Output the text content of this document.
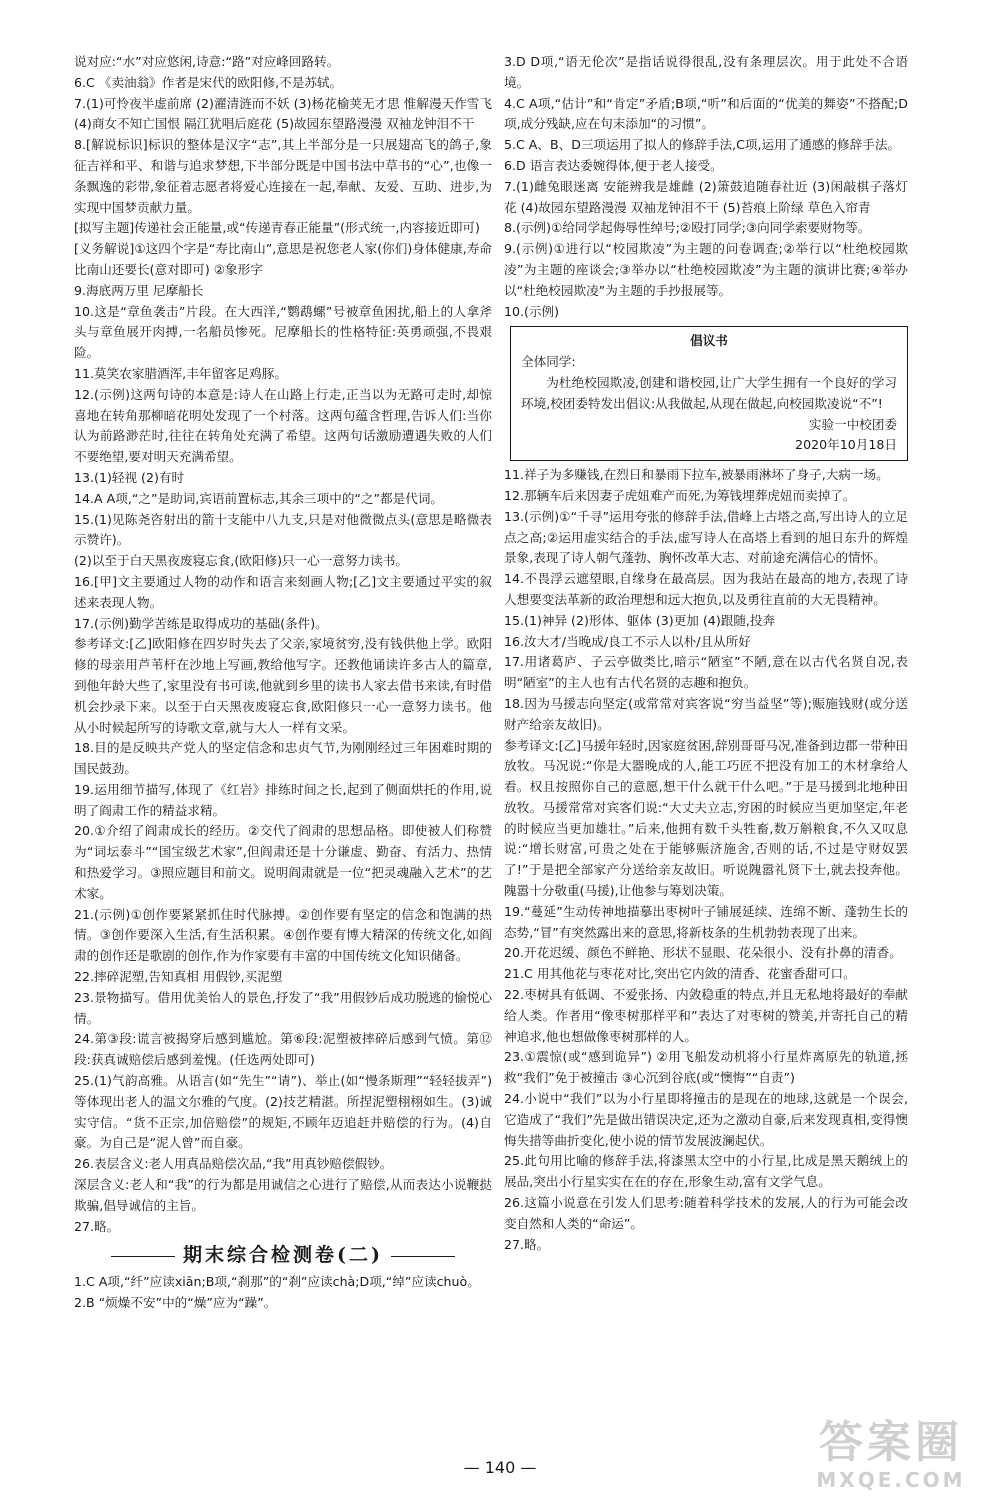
说对应:“水”对应悠闲,诗意:“路”对应峰回路转。

6.C 《卖油翁》作者是宋代的欧阳修,不是苏轼。

7.(1)可怜夜半虚前席 (2)濯清涟而不妖 (3)杨花榆荚无才思 惟解漫天作雪飞 (4)商女不知亡国恨 隔江犹唱后庭花 (5)故园东望路漫漫 双袖龙钟泪不干

8.[解说标识]标识的整体是汉字“志”,其上半部分是一只展翅高飞的鸽子,象征吉祥和平、和谐与追求梦想,下半部分既是中国书法中草书的“心”,也像一条飘逸的彩带,象征着志愿者将爱心连接在一起,奉献、友爱、互助、进步,为实现中国梦贡献力量。

[拟写主题]传递社会正能量,或“传递青春正能量”(形式统一,内容接近即可)

[义务解说]①这四个字是“寿比南山”,意思是祝您老人家(你们)身体健康,寿命比南山还要长(意对即可) ②象形字

9.海底两万里 尼摩船长

10.这是“章鱼袭击”片段。在大西洋,“鹦鹉螺”号被章鱼困扰,船上的人拿斧头与章鱼展开肉搏,一名船员惨死。尼摩船长的性格特征:英勇顽强,不畏艰险。

11.莫笑农家腊酒浑,丰年留客足鸡豚。

12.(示例)这两句诗的本意是:诗人在山路上行走,正当以为无路可走时,却惊喜地在转角那柳暗花明处发现了一个村落。这两句蕴含哲理,告诉人们:当你认为前路渺茫时,往往在转角处充满了希望。这两句话激励遭遇失败的人们不要绝望,要对明天充满希望。

13.(1)轻视 (2)有时

14.A A项,“之”是助词,宾语前置标志,其余三项中的“之”都是代词。

15.(1)见陈尧咨射出的箭十支能中八九支,只是对他微微点头(意思是略微表示赞许)。

(2)以至于白天黑夜废寝忘食,(欧阳修)只一心一意努力读书。

16.[甲]文主要通过人物的动作和语言来刻画人物;[乙]文主要通过平实的叙述来表现人物。

17.(示例)勤学苦练是取得成功的基础(条件)。

参考译文:[乙]欧阳修在四岁时失去了父亲,家境贫穷,没有钱供他上学。欧阳修的母亲用芦苇杆在沙地上写画,教给他写字。还教他诵读许多古人的篇章,到他年龄大些了,家里没有书可读,他就到乡里的读书人家去借书来读,有时借机会抄录下来。以至于白天黑夜废寝忘食,欧阳修只一心一意努力读书。他从小时候起所写的诗歌文章,就与大人一样有文采。

18.目的是反映共产党人的坚定信念和忠贞气节,为刚刚经过三年困难时期的国民鼓劲。

19.运用细节描写,体现了《红岩》排练时间之长,起到了侧面烘托的作用,说明了阎肃工作的精益求精。

20.①介绍了阎肃成长的经历。②交代了阎肃的思想品格。即使被人们称赞为“词坛泰斗”“国宝级艺术家”,但阎肃还是十分谦虚、勤奋、有活力、热情和热爱学习。③照应题目和前文。说明阎肃就是一位“把灵魂融入艺术”的艺术家。

21.(示例)①创作要紧紧抓住时代脉搏。②创作要有坚定的信念和饱满的热情。③创作要深入生活,有生活积累。④创作要有博大精深的传统文化,如阎肃的创作还是歌剧的创作,作为作家要有丰富的中国传统文化知识储备。

22.摔碎泥塑,告知真相 用假钞,买泥塑

23.景物描写。借用优美怡人的景色,抒发了“我”用假钞后成功脱逃的愉悦心情。

24.第③段:谎言被揭穿后感到尴尬。第⑥段:泥塑被摔碎后感到气愤。第⑫段:获真诚赔偿后感到羞愧。(任选两处即可)

25.(1)气韵高雅。从语言(如“先生”“请”)、举止(如“慢条斯理”“轻轻拔弄”)等体现出老人的温文尔雅的气度。(2)技艺精湛。所捏泥塑栩栩如生。(3)诚实守信。“货不正宗,加倍赔偿”的规矩,不顾年迈追赶并赔偿的行为。(4)自豪。为自己是“泥人曾”而自豪。

26.表层含义:老人用真品赔偿次品,“我”用真钞赔偿假钞。

深层含义:老人和“我”的行为都是用诚信之心进行了赔偿,从而表达小说鞭挞欺骗,倡导诚信的主旨。

27.略。

期末综合检测卷(二)

1.C A项,“纤”应读xiān;B项,“刹那”的“刹”应读chà;D项,“绰”应读chuò。

2.B “烦燥不安”中的“燥”应为“躁”。

3.D D项,“语无伦次”是指话说得很乱,没有条理层次。用于此处不合语境。

4.C A项,“估计”和“肯定”矛盾;B项,“听”和后面的“优美的舞姿”不搭配;D项,成分残缺,应在句末添加“的习惯”。

5.C A、B、D三项运用了拟人的修辞手法,C项,运用了通感的修辞手法。

6.D 语言表达委婉得体,便于老人接受。

7.(1)雌兔眼迷离 安能辨我是雄雌 (2)箫鼓追随春社近 (3)闲敲棋子落灯花 (4)故园东望路漫漫 双袖龙钟泪不干 (5)苔痕上阶绿 草色入帘青

8.(示例)①给同学起侮辱性绰号;②殴打同学;③向同学索要财物等。

9.(示例)①进行以“校园欺凌”为主题的问卷调查;②举行以“杜绝校园欺凌”为主题的座谈会;③举办以“杜绝校园欺凌”为主题的演讲比赛;④举办以“杜绝校园欺凌”为主题的手抄报展等。

10.(示例)

倡议书

全体同学:

为杜绝校园欺凌,创建和谐校园,让广大学生拥有一个良好的学习环境,校团委特发出倡议:从我做起,从现在做起,向校园欺凌说“不”!

实验一中校团委

2020年10月18日

11.祥子为多赚钱,在烈日和暴雨下拉车,被暴雨淋坏了身子,大病一场。

12.那辆车后来因妻子虎妞难产而死,为筹钱埋葬虎妞而卖掉了。

13.(示例)①“千寻”运用夸张的修辞手法,借峰上古塔之高,写出诗人的立足点之高;②运用虚实结合的手法,虚写诗人在高塔上看到的旭日东升的辉煌景象,表现了诗人朝气蓬勃、胸怀改革大志、对前途充满信心的情怀。

14.不畏浮云遮望眼,自缘身在最高层。因为我站在最高的地方,表现了诗人想要变法革新的政治理想和远大抱负,以及勇往直前的大无畏精神。

15.(1)神异 (2)形体、躯体 (3)更加 (4)跟随,投奔

16.汝大才/当晚成/良工不示人以朴/且从所好

17.用诸葛庐、子云亭做类比,暗示“陋室”不陋,意在以古代名贤自况,表明“陋室”的主人也有古代名贤的志趣和抱负。

18.因为马援志向坚定(或常常对宾客说“穷当益坚”等);赈施钱财(或分送财产给亲友故旧)。

参考译文:[乙]马援年轻时,因家庭贫困,辞别哥哥马况,准备到边郡一带种田放牧。马况说:“你是大器晚成的人,能工巧匠不把没有加工的木材拿给人看。权且按照你自己的意愿,想干什么就干什么吧。”于是马援到北地种田放牧。马援常常对宾客们说:“大丈夫立志,穷困的时候应当更加坚定,年老的时候应当更加雄壮。”后来,他拥有数千头牲畜,数万斛粮食,不久又叹息说:“增长财富,可贵之处在于能够赈济施舍,否则的话,不过是守财奴罢了!”于是把全部家产分送给亲友故旧。听说隗嚣礼贤下士,就去投奔他。隗嚣十分敬重(马援),让他参与筹划决策。

19.“蔓延”生动传神地描摹出枣树叶子铺展延续、连绵不断、蓬勃生长的态势,“冒”有突然露出来的意思,将新枝条的生机勃勃表现了出来。

20.开花迟缓、颜色不鲜艳、形状不显眼、花朵很小、没有扑鼻的清香。

21.C 用其他花与枣花对比,突出它内敛的清香、花蜜香甜可口。

22.枣树具有低调、不爱张扬、内敛稳重的特点,并且无私地将最好的奉献给人类。作者用“像枣树那样平和”表达了对枣树的赞美,并寄托自己的精神追求,他也想做像枣树那样的人。

23.①震惊(或“感到诡异”) ②用飞船发动机将小行星炸离原先的轨道,拯救“我们”免于被撞击 ③心沉到谷底(或“懊悔”“自责”)

24.小说中“我们”以为小行星即将撞击的是现在的地球,这就是一个误会,它造成了“我们”先是做出错误决定,还为之激动自豪,后来发现真相,变得懊悔失措等曲折变化,使小说的情节发展波澜起伏。

25.此句用比喻的修辞手法,将漆黑太空中的小行星,比成是黑天鹅绒上的展品,突出小行星实实在在的存在,形象生动,富有文学气息。

26.这篇小说意在引发人们思考:随着科学技术的发展,人的行为可能会改变自然和人类的“命运”。

27.略。

— 140 —	答案圈
MXQE.COM
